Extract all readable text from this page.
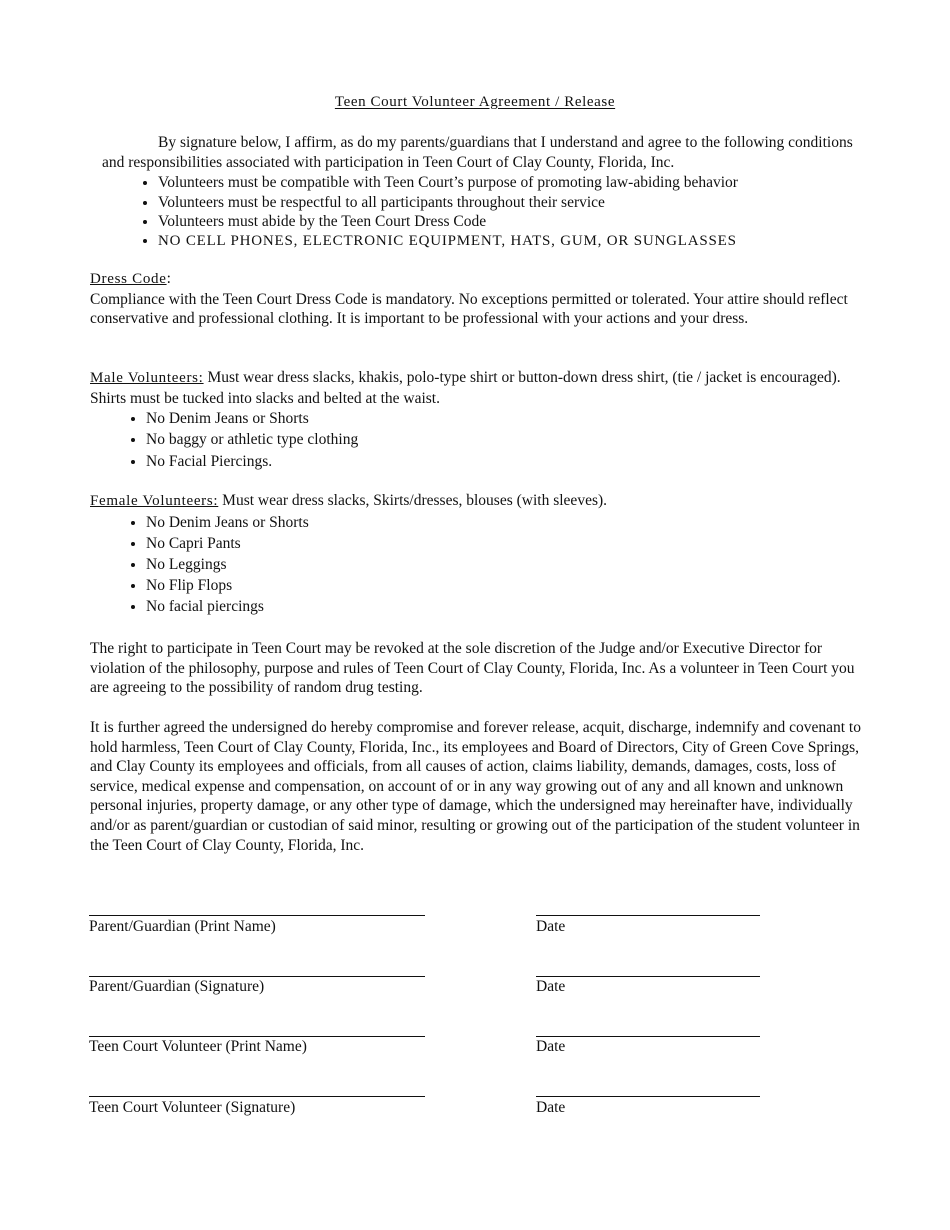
Teen Court Volunteer Agreement / Release

By signature below, I affirm, as do my parents/guardians that I understand and agree to the following conditions and responsibilities associated with participation in Teen Court of Clay County, Florida, Inc.

• Volunteers must be compatible with Teen Court’s purpose of promoting law-abiding behavior
• Volunteers must be respectful to all participants throughout their service
• Volunteers must abide by the Teen Court Dress Code
• NO CELL PHONES, ELECTRONIC EQUIPMENT, HATS, GUM, OR SUNGLASSES
Dress Code:

Compliance with the Teen Court Dress Code is mandatory. No exceptions permitted or tolerated. Your attire should reflect conservative and professional clothing. It is important to be professional with your actions and your dress.

Male Volunteers: Must wear dress slacks, khakis, polo-type shirt or button-down dress shirt, (tie / jacket is encouraged). Shirts must be tucked into slacks and belted at the waist.

• No Denim Jeans or Shorts
• No baggy or athletic type clothing
• No Facial Piercings.

Female Volunteers: Must wear dress slacks, Skirts/dresses, blouses (with sleeves).

• No Denim Jeans or Shorts
• No Capri Pants
• No Leggings
• No Flip Flops
• No facial piercings

The right to participate in Teen Court may be revoked at the sole discretion of the Judge and/or Executive Director for violation of the philosophy, purpose and rules of Teen Court of Clay County, Florida, Inc. As a volunteer in Teen Court you are agreeing to the possibility of random drug testing.

It is further agreed the undersigned do hereby compromise and forever release, acquit, discharge, indemnify and covenant to hold harmless, Teen Court of Clay County, Florida, Inc., its employees and Board of Directors, City of Green Cove Springs, and Clay County its employees and officials, from all causes of action, claims liability, demands, damages, costs, loss of service, medical expense and compensation, on account of or in any way growing out of any and all known and unknown personal injuries, property damage, or any other type of damage, which the undersigned may hereinafter have, individually and/or as parent/guardian or custodian of said minor, resulting or growing out of the participation of the student volunteer in the Teen Court of Clay County, Florida, Inc.

Parent/Guardian (Print Name)	Date
Parent/Guardian (Signature)	Date
Teen Court Volunteer (Print Name)	Date
Teen Court Volunteer (Signature)	Date
